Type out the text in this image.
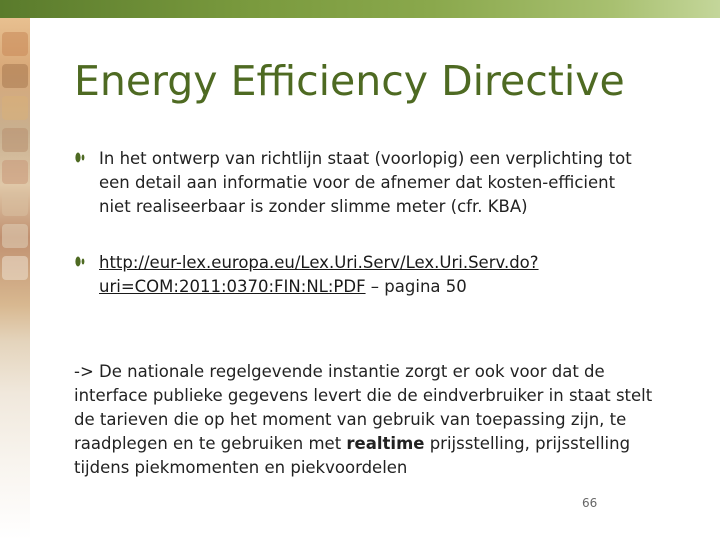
Energy Efficiency Directive
In het ontwerp van richtlijn staat (voorlopig) een verplichting tot een detail aan informatie voor de afnemer dat kosten-efficient niet realiseerbaar is zonder slimme meter (cfr. KBA)
http://eur-lex.europa.eu/Lex.Uri.Serv/Lex.Uri.Serv.do?uri=COM:2011:0370:FIN:NL:PDF – pagina 50
-> De nationale regelgevende instantie zorgt er ook voor dat de interface publieke gegevens levert die de eindverbruiker in staat stelt de tarieven die op het moment van gebruik van toepassing zijn, te raadplegen en te gebruiken met realtime prijsstelling, prijsstelling tijdens piekmomenten en piekvoordelen
66
